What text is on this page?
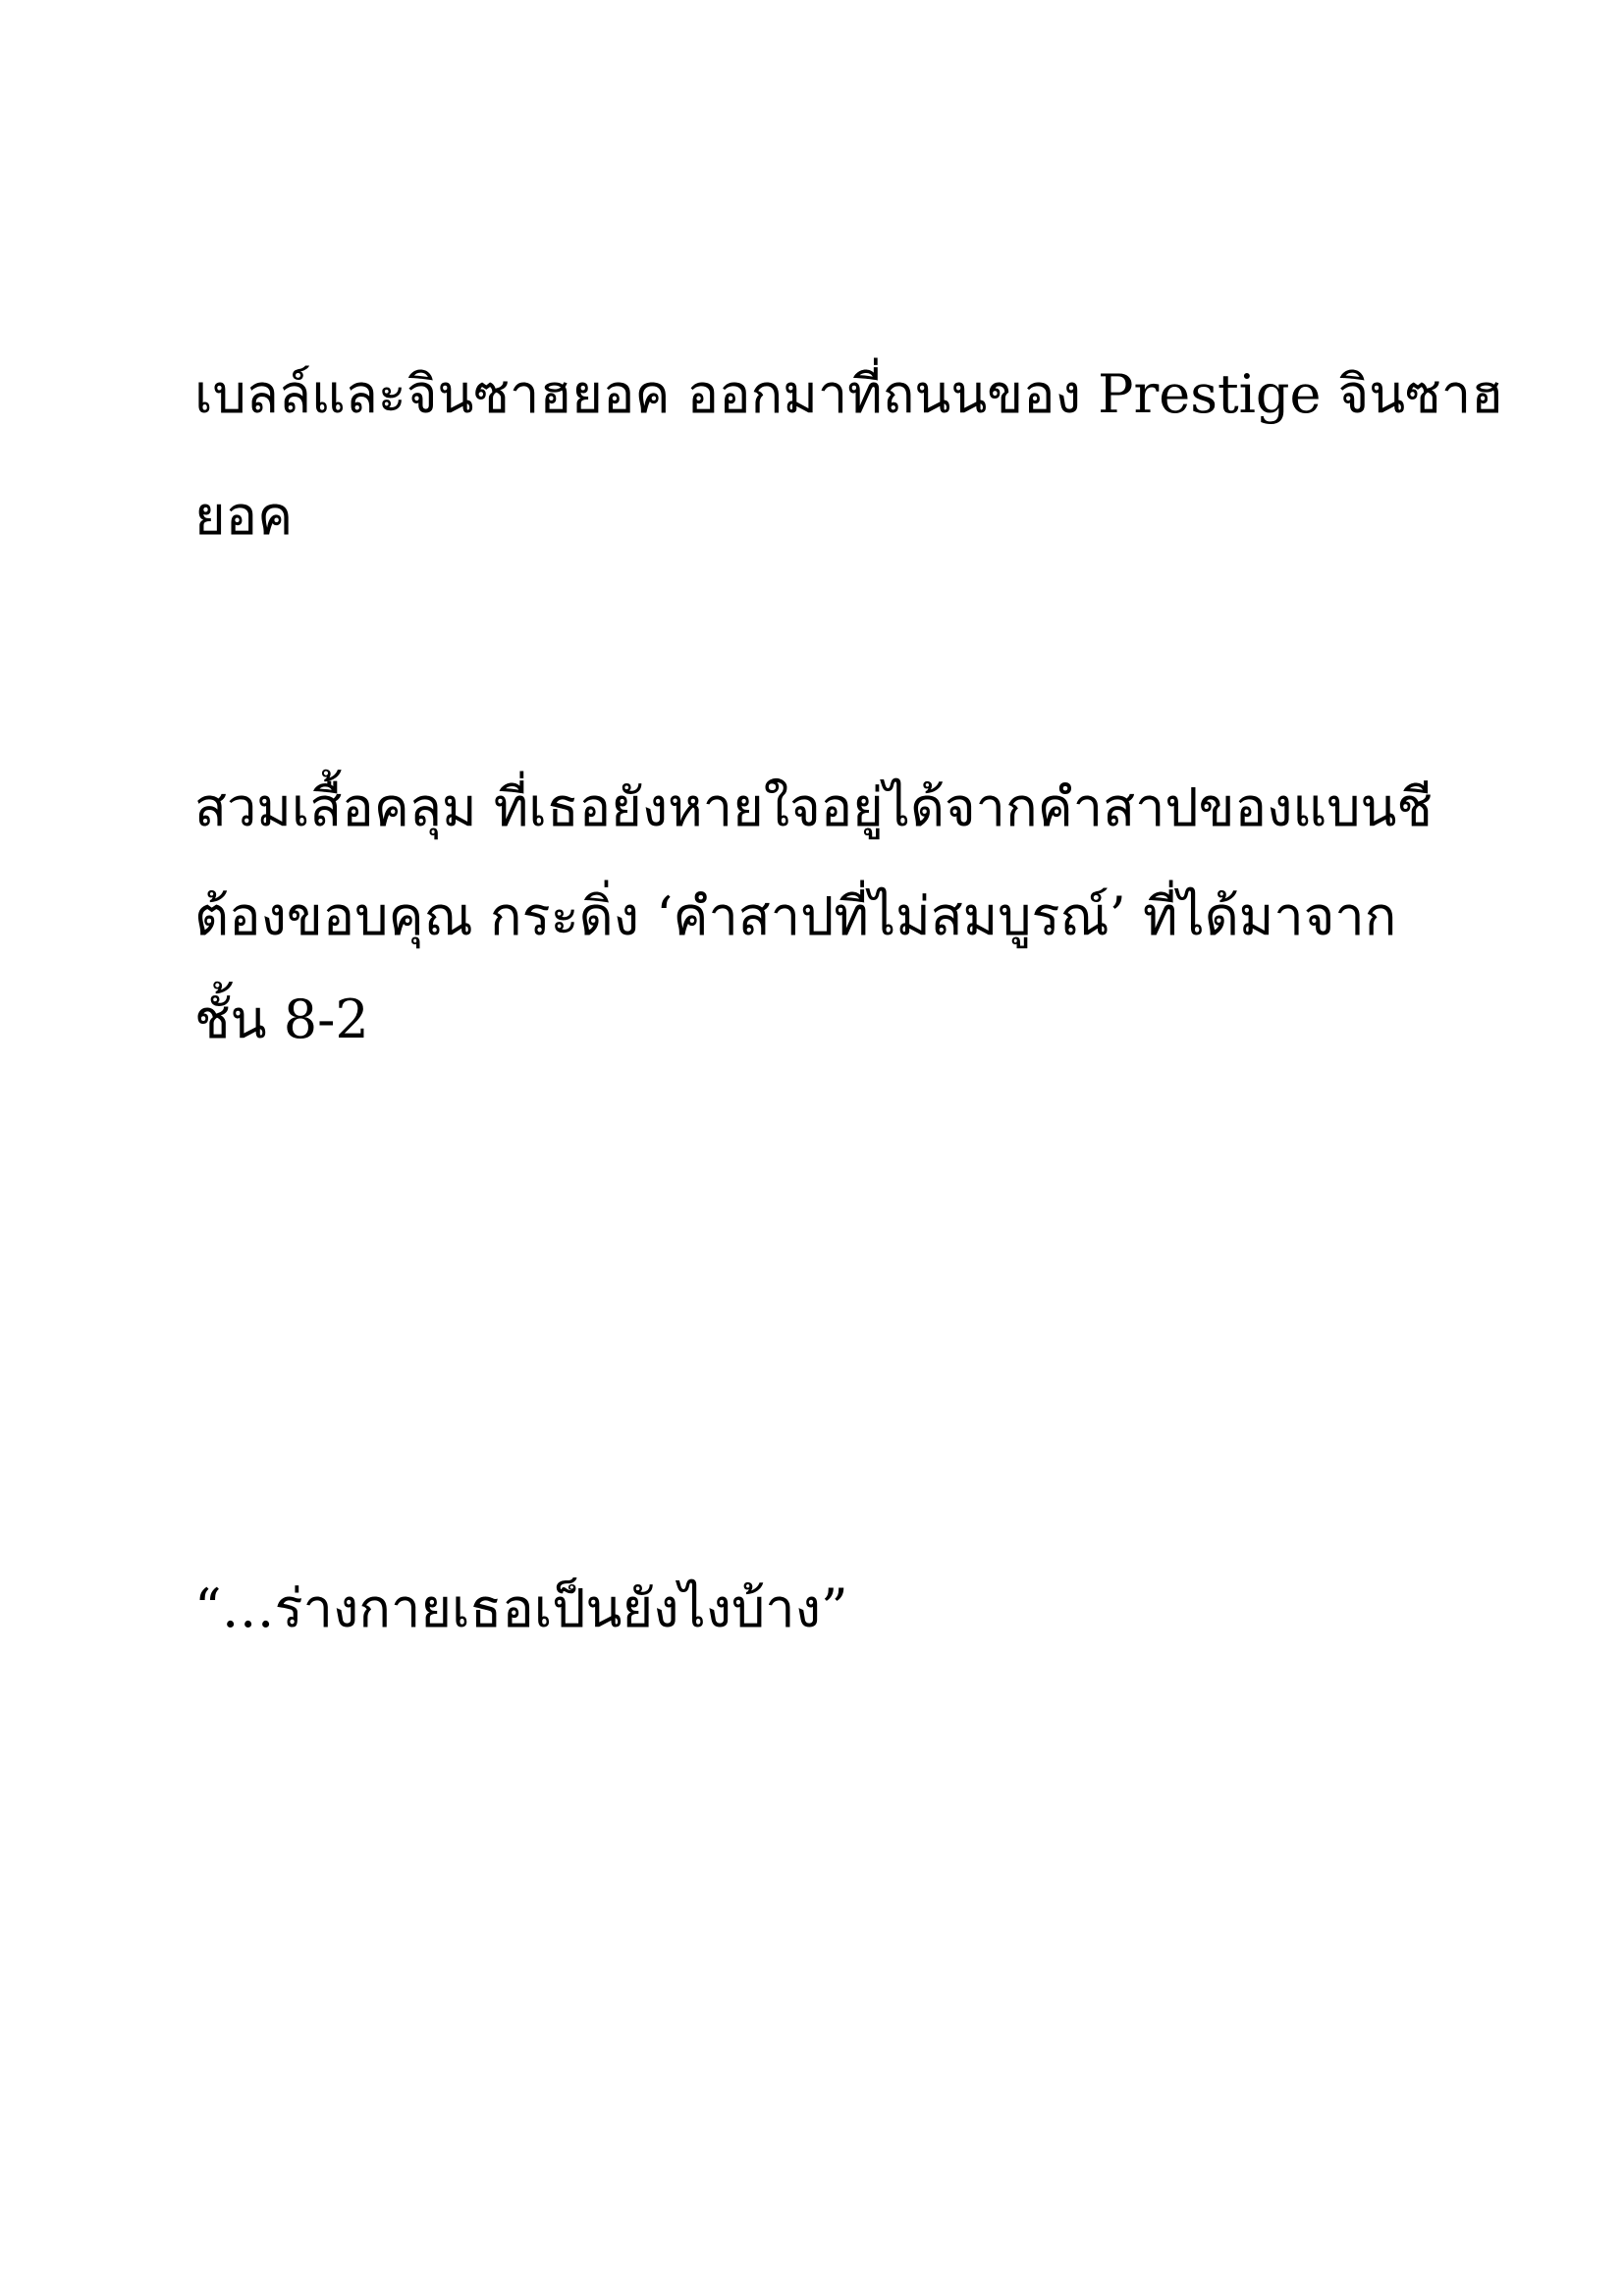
เบลล์และจินซาฮยอค ออกมาที่ถนนของ Prestige จินซาฮ
ยอค
สวมเสื้อคลุม ที่เธอยังหายใจอยู่ได้จากคำสาปของแบนชี
ต้องขอบคุณ กระดิ่ง ‘คำสาปที่ไม่สมบูรณ์’ ที่ได้มาจาก
ชั้น 8-2
“…ร่างกายเธอเป็นยังไงบ้าง”
